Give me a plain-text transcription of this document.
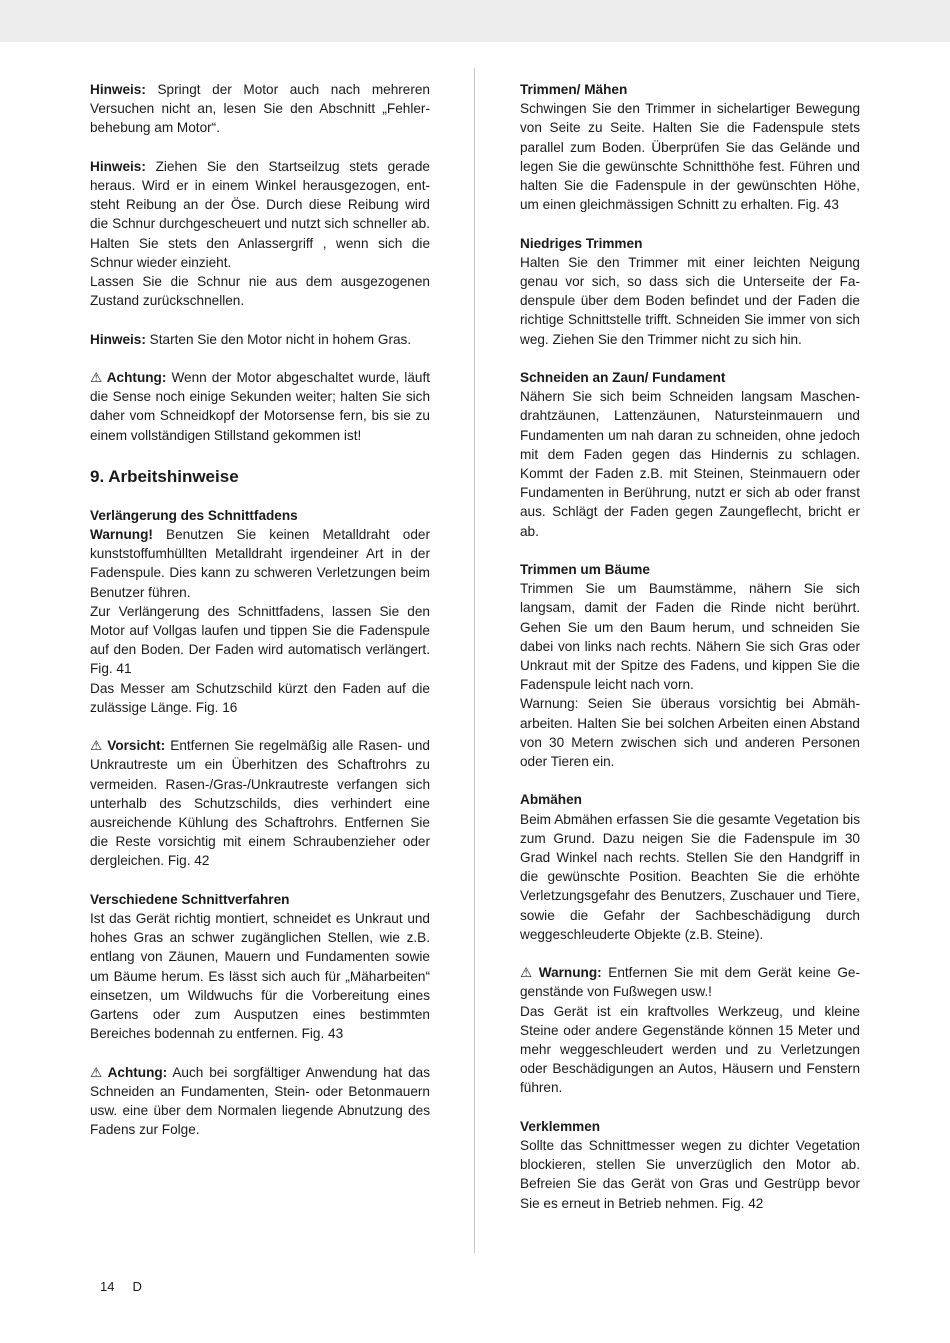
Hinweis: Springt der Motor auch nach mehreren Versuchen nicht an, lesen Sie den Abschnitt „Fehlerbehebung am Motor“.

Hinweis: Ziehen Sie den Startseilzug stets gerade heraus. Wird er in einem Winkel herausgezogen, entsteht Reibung an der Öse. Durch diese Reibung wird die Schnur durchgescheuert und nutzt sich schneller ab. Halten Sie stets den Anlassergriff , wenn sich die Schnur wieder einzieht.

Lassen Sie die Schnur nie aus dem ausgezogenen Zustand zurückschnellen.

Hinweis: Starten Sie den Motor nicht in hohem Gras.

⚠ Achtung: Wenn der Motor abgeschaltet wurde, läuft die Sense noch einige Sekunden weiter; halten Sie sich daher vom Schneidkopf der Motorsense fern, bis sie zu einem vollständigen Stillstand gekommen ist!

9. Arbeitshinweise

Verlängerung des Schnittfadens

Warnung! Benutzen Sie keinen Metalldraht oder kunststoffumhüllten Metalldraht irgendeiner Art in der Fadenspule. Dies kann zu schweren Verletzungen beim Benutzer führen.

Zur Verlängerung des Schnittfadens, lassen Sie den Motor auf Vollgas laufen und tippen Sie die Fadenspule auf den Boden. Der Faden wird automatisch verlängert. Fig. 41

Das Messer am Schutzschild kürzt den Faden auf die zulässige Länge. Fig. 16

⚠ Vorsicht: Entfernen Sie regelmäßig alle Rasen- und Unkrautreste um ein Überhitzen des Schaftrohrs zu vermeiden. Rasen-/Gras-/Unkrautreste verfangen sich unterhalb des Schutzschilds, dies verhindert eine ausreichende Kühlung des Schaftrohrs. Entfernen Sie die Reste vorsichtig mit einem Schraubenzieher oder dergleichen. Fig. 42

Verschiedene Schnittverfahren

Ist das Gerät richtig montiert, schneidet es Unkraut und hohes Gras an schwer zugänglichen Stellen, wie z.B. entlang von Zäunen, Mauern und Fundamenten sowie um Bäume herum. Es lässt sich auch für „Mäharbeiten“ einsetzen, um Wildwuchs für die Vorbereitung eines Gartens oder zum Ausputzen eines bestimmten Bereiches bodennah zu entfernen. Fig. 43

⚠ Achtung: Auch bei sorgfältiger Anwendung hat das Schneiden an Fundamenten, Stein- oder Betonmauern usw. eine über dem Normalen liegende Abnutzung des Fadens zur Folge.

Trimmen/ Mähen

Schwingen Sie den Trimmer in sichelartiger Bewegung von Seite zu Seite. Halten Sie die Fadenspule stets parallel zum Boden. Überprüfen Sie das Gelände und legen Sie die gewünschte Schnitthöhe fest. Führen und halten Sie die Fadenspule in der gewünschten Höhe, um einen gleichmässigen Schnitt zu erhalten. Fig. 43

Niedriges Trimmen

Halten Sie den Trimmer mit einer leichten Neigung genau vor sich, so dass sich die Unterseite der Fadenspule über dem Boden befindet und der Faden die richtige Schnittstelle trifft. Schneiden Sie immer von sich weg. Ziehen Sie den Trimmer nicht zu sich hin.

Schneiden an Zaun/ Fundament

Nähern Sie sich beim Schneiden langsam Maschendrahtzäunen, Lattenzäunen, Natursteinmauern und Fundamenten um nah daran zu schneiden, ohne jedoch mit dem Faden gegen das Hindernis zu schlagen. Kommt der Faden z.B. mit Steinen, Steinmauern oder Fundamenten in Berührung, nutzt er sich ab oder franst aus. Schlägt der Faden gegen Zaungeflecht, bricht er ab.

Trimmen um Bäume

Trimmen Sie um Baumstämme, nähern Sie sich langsam, damit der Faden die Rinde nicht berührt. Gehen Sie um den Baum herum, und schneiden Sie dabei von links nach rechts. Nähern Sie sich Gras oder Unkraut mit der Spitze des Fadens, und kippen Sie die Fadenspule leicht nach vorn.

Warnung: Seien Sie überaus vorsichtig bei Abmäharbeiten. Halten Sie bei solchen Arbeiten einen Abstand von 30 Metern zwischen sich und anderen Personen oder Tieren ein.

Abmähen

Beim Abmähen erfassen Sie die gesamte Vegetation bis zum Grund. Dazu neigen Sie die Fadenspule im 30 Grad Winkel nach rechts. Stellen Sie den Handgriff in die gewünschte Position. Beachten Sie die erhöhte Verletzungsgefahr des Benutzers, Zuschauer und Tiere, sowie die Gefahr der Sachbeschädigung durch weggeschleuderte Objekte (z.B. Steine).

⚠ Warnung: Entfernen Sie mit dem Gerät keine Gegenstände von Fußwegen usw.!

Das Gerät ist ein kraftvolles Werkzeug, und kleine Steine oder andere Gegenstände können 15 Meter und mehr weggeschleudert werden und zu Verletzungen oder Beschädigungen an Autos, Häusern und Fenstern führen.

Verklemmen

Sollte das Schnittmesser wegen zu dichter Vegetation blockieren, stellen Sie unverzüglich den Motor ab. Befreien Sie das Gerät von Gras und Gestrüpp bevor Sie es erneut in Betrieb nehmen. Fig. 42

14 D
